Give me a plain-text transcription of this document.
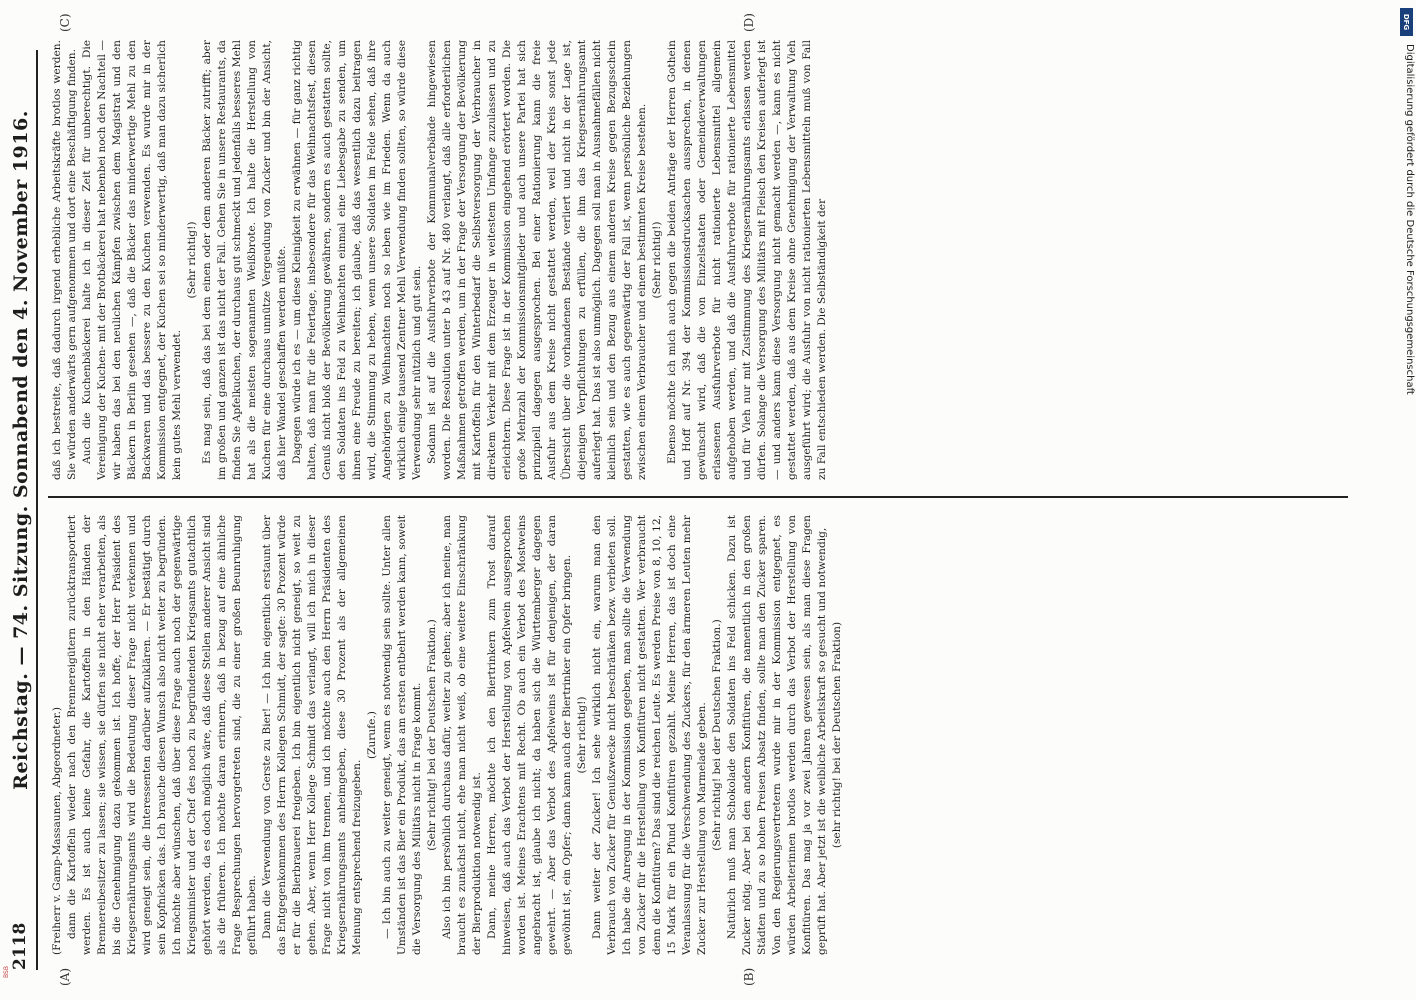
2118
Reichstag. — 74. Sitzung. Sonnabend den 4. November 1916.
(A)	(B)
(C)	(D)

(Freiherr v. Gamp-Massaunen, Abgeordneter.) dann die Kartoffeln wieder nach den Brennereigütern zurücktransportiert werden. Es ist auch keine Gefahr, die Kartoffeln in den Händen der Brennereibesitzer zu lassen; sie wissen, sie dürfen sie nicht eher verarbeiten, als bis die Genehmigung dazu gekommen ist. Ich hoffe, der Herr Präsident des Kriegsernährungsamts wird die Bedeutung dieser Frage nicht verkennen und wird geneigt sein, die Interessenten darüber aufzuklären. — Er bestätigt durch sein Kopfnicken das. Ich brauche diesen Wunsch also nicht weiter zu begründen. Ich möchte aber wünschen, daß über diese Frage auch noch der gegenwärtige Kriegsminister und der Chef des noch zu begründenden Kriegsamts gutachtlich gehört werden, da es doch möglich wäre, daß diese Stellen anderer Ansicht sind als die früheren. Ich möchte daran erinnern, daß in bezug auf eine ähnliche Frage Besprechungen hervorgetreten sind, die zu einer großen Beunruhigung geführt haben. Dann die Verwendung von Gerste zu Bier! — Ich bin eigentlich erstaunt über das Entgegenkommen des Herrn Kollegen Schmidt, der sagte: 30 Prozent würde er für die Bierbrauerei freigeben. Ich bin eigentlich nicht geneigt, so weit zu gehen. Aber, wenn Herr Kollege Schmidt das verlangt, will ich mich in dieser Frage nicht von ihm trennen, und ich möchte auch den Herrn Präsidenten des Kriegsernährungsamts anheimgeben, diese 30 Prozent als der allgemeinen Meinung entsprechend freizugeben.

(Zurufe.) — Ich bin auch zu weiter geneigt, wenn es notwendig sein sollte. Unter allen Umständen ist das Bier ein Produkt, das am ersten entbehrt werden kann, soweit die Versorgung des Militärs nicht in Frage kommt. (Sehr richtig! bei der Deutschen Fraktion.) Also ich bin persönlich durchaus dafür, weiter zu gehen; aber ich meine, man braucht es zunächst nicht, ehe man nicht weiß, ob eine weitere Einschränkung der Bierproduktion notwendig ist. Dann, meine Herren, möchte ich den Biertrinkern zum Trost darauf hinweisen, daß auch das Verbot der Herstellung von Apfelwein ausgesprochen worden ist. Meines Erachtens mit Recht. Ob auch ein Verbot des Mostweins angebracht ist, glaube ich nicht; da haben sich die Württemberger dagegen gewehrt. — Aber das Verbot des Apfelweins ist für denjenigen, der daran gewöhnt ist, ein Opfer; dann kann auch der Biertrinker ein Opfer bringen. (Sehr richtig!) Dann weiter der Zucker! Ich sehe wirklich nicht ein, warum man den Verbrauch von Zucker für Genußzwecke nicht beschränken bezw. verbieten soll. Ich habe die Anregung in der Kommission gegeben, man sollte die Verwendung von Zucker für die Herstellung von Konfitüren nicht gestatten. Wer verbraucht denn die Konfitüren? Das sind die reichen Leute. Es werden Preise von 8, 10, 12, 15 Mark für ein Pfund Konfitüren gezahlt. Meine Herren, das ist doch eine Veranlassung für die Verschwendung des Zuckers, für den ärmeren Leuten mehr Zucker zur Herstellung von Marmelade geben. (Sehr richtig! bei der Deutschen Fraktion.) Natürlich muß man Schokolade den Soldaten ins Feld schicken. Dazu ist Zucker nötig. Aber bei den andern Konfitüren, die namentlich in den großen Städten und zu so hohen Preisen Absatz finden, sollte man den Zucker sparen. Von den Regierungsvertretern wurde mir in der Kommission entgegnet, es würden Arbeiterinnen brotlos werden durch das Verbot der Herstellung von Konfitüren. Das mag ja vor zwei Jahren gewesen sein, als man diese Fragen geprüft hat. Aber jetzt ist die weibliche Arbeitskraft so gesucht und notwendig, (sehr richtig! bei der Deutschen Fraktion)

daß ich bestreite, daß dadurch irgend erhebliche Arbeitskräfte brotlos werden. Sie würden anderwärts gern aufgenommen und dort eine Beschäftigung finden. Auch die Kuchenbäckerei halte ich in dieser Zeit für unberechtigt. Die Vereinigung der Kuchen- mit der Brotbäckerei hat nebenbei noch den Nachteil — wir haben das bei den neulichen Kämpfen zwischen dem Magistrat und den Bäckern in Berlin gesehen —, daß die Bäcker das minderwertige Mehl zu den Backwaren und das bessere zu den Kuchen verwenden. Es wurde mir in der Kommission entgegnet, der Kuchen sei so minderwertig, daß man dazu sicherlich kein gutes Mehl verwendet.

(Sehr richtig!) Es mag sein, daß das bei dem einen oder dem anderen Bäcker zutrifft; aber im großen und ganzen ist das nicht der Fall. Gehen Sie in unsere Restaurants, da finden Sie Apfelkuchen, der durchaus gut schmeckt und jedenfalls besseres Mehl hat als die meisten sogenannten Weißbrote. Ich halte die Herstellung von Kuchen für eine durchaus unnütze Vergeudung von Zucker und bin der Ansicht, daß hier Wandel geschaffen werden müßte. Dagegen würde ich es — um diese Kleinigkeit zu erwähnen — für ganz richtig halten, daß man für die Feiertage, insbesondere für das Weihnachtsfest, diesen Genuß nicht bloß der Bevölkerung gewähren, sondern es auch gestatten sollte, den Soldaten ins Feld zu Weihnachten einmal eine Liebesgabe zu senden, um ihnen eine Freude zu bereiten; ich glaube, daß das wesentlich dazu beitragen wird, die Stimmung zu heben, wenn unsere Soldaten im Felde sehen, daß ihre Angehörigen zu Weihnachten noch so leben wie im Frieden. Wenn da auch wirklich einige tausend Zentner Mehl Verwendung finden sollten, so würde diese Verwendung sehr nützlich und gut sein. Sodann ist auf die Ausfuhrverbote der Kommunalverbände hingewiesen worden. Die Resolution unter b 43 auf Nr. 480 verlangt, daß alle erforderlichen Maßnahmen getroffen werden, um in der Frage der Versorgung der Bevölkerung mit Kartoffeln für den Winterbedarf die Selbstversorgung der Verbraucher in direktem Verkehr mit dem Erzeuger in weitestem Umfange zuzulassen und zu erleichtern. Diese Frage ist in der Kommission eingehend erörtert worden. Die große Mehrzahl der Kommissionsmitglieder und auch unsere Partei hat sich prinzipiell dagegen ausgesprochen. Bei einer Rationierung kann die freie Ausfuhr aus dem Kreise nicht gestattet werden, weil der Kreis sonst jede Übersicht über die vorhandenen Bestände verliert und nicht in der Lage ist, diejenigen Verpflichtungen zu erfüllen, die ihm das Kriegsernährungsamt auferlegt hat. Das ist also unmöglich. Dagegen soll man in Ausnahmefällen nicht kleinlich sein und den Bezug aus einem anderen Kreise gegen Bezugsschein gestatten, wie es auch gegenwärtig der Fall ist, wenn persönliche Beziehungen zwischen einem Verbraucher und einem bestimmten Kreise bestehen. (Sehr richtig!) Ebenso möchte ich mich auch gegen die beiden Anträge der Herren Gothein und Hoff auf Nr. 394 der Kommissionsdrucksachen aussprechen, in denen gewünscht wird, daß die von Einzelstaaten oder Gemeindeverwaltungen erlassenen Ausfuhrverbote für nicht rationierte Lebensmittel allgemein aufgehoben werden, und daß die Ausfuhrverbote für rationierte Lebensmittel und für Vieh nur mit Zustimmung des Kriegsernährungsamts erlassen werden dürfen. Solange die Versorgung des Militärs mit Fleisch den Kreisen auferlegt ist — und anders kann diese Versorgung nicht gemacht werden —, kann es nicht gestattet werden, daß aus dem Kreise ohne Genehmigung der Verwaltung Vieh ausgeführt wird; die Ausfuhr von nicht rationierten Lebensmitteln muß von Fall zu Fall entschieden werden. Die Selbständigkeit der

DFG
Digitalisierung gefördert durch die Deutsche Forschungsgemeinschaft
BSB
